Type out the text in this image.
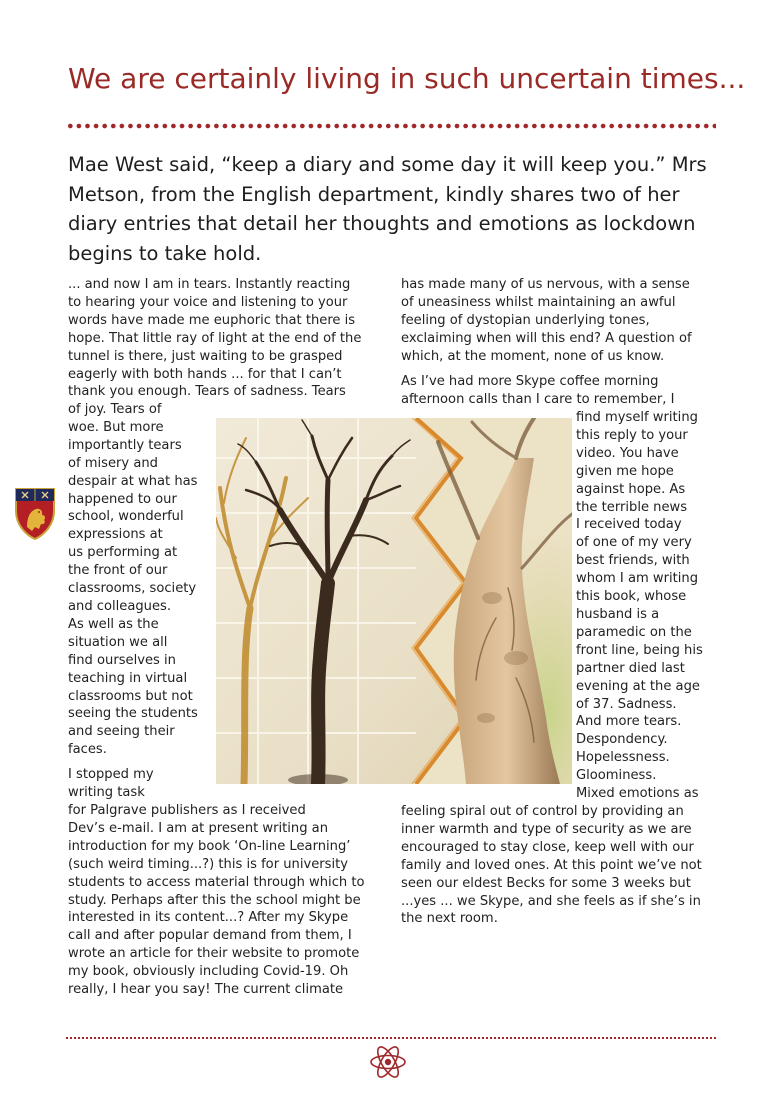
We are certainly living in such uncertain times...

Mae West said, “keep a diary and some day it will keep you.” Mrs Metson, from the English department, kindly shares two of her diary entries that detail her thoughts and emotions as lockdown begins to take hold.

... and now I am in tears. Instantly reacting
to hearing your voice and listening to your
words have made me euphoric that there is
hope. That little ray of light at the end of the
tunnel is there, just waiting to be grasped
eagerly with both hands ... for that I can’t
thank you enough. Tears of sadness. Tears
of joy. Tears of
woe. But more
importantly tears
of misery and
despair at what has
happened to our
school, wonderful
expressions at
us performing at
the front of our
classrooms, society
and colleagues.
As well as the
situation we all
find ourselves in
teaching in virtual
classrooms but not
seeing the students
and seeing their
faces.
I stopped my
writing task
for Palgrave publishers as I received
Dev’s e-mail. I am at present writing an
introduction for my book ‘On-line Learning’
(such weird timing...?) this is for university
students to access material through which to
study. Perhaps after this the school might be
interested in its content...? After my Skype
call and after popular demand from them, I
wrote an article for their website to promote
my book, obviously including Covid-19. Oh
really, I hear you say! The current climate
has made many of us nervous, with a sense
of uneasiness whilst maintaining an awful
feeling of dystopian underlying tones,
exclaiming when will this end? A question of
which, at the moment, none of us know.
As I’ve had more Skype coffee morning
afternoon calls than I care to remember, I
find myself writing
this reply to your
video. You have
given me hope
against hope. As
the terrible news
I received today
of one of my very
best friends, with
whom I am writing
this book, whose
husband is a
paramedic on the
front line, being his
partner died last
evening at the age
of 37. Sadness.
And more tears.
Despondency.
Hopelessness.
Gloominess.
Mixed emotions as
feeling spiral out of control by providing an
inner warmth and type of security as we are
encouraged to stay close, keep well with our
family and loved ones. At this point we’ve not
seen our eldest Becks for some 3 weeks but
...yes ... we Skype, and she feels as if she’s in
the next room.
